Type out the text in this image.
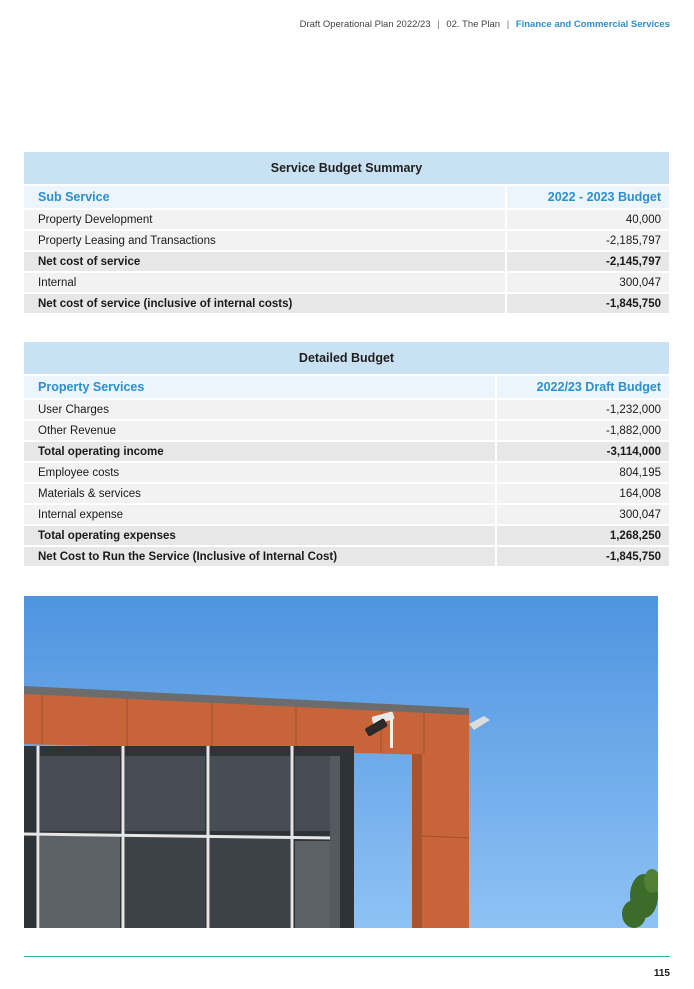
Draft Operational Plan 2022/23 | 02. The Plan | Finance and Commercial Services
Service Budget Summary	
Sub Service	2022 - 2023 Budget
Property Development	40,000
Property Leasing and Transactions	-2,185,797
Net cost of service	-2,145,797
Internal	300,047
Net cost of service (inclusive of internal costs)	-1,845,750
Detailed Budget	
Property Services	2022/23 Draft Budget
User Charges	-1,232,000
Other Revenue	-1,882,000
Total operating income	-3,114,000
Employee costs	804,195
Materials & services	164,008
Internal expense	300,047
Total operating expenses	1,268,250
Net Cost to Run the Service (Inclusive of Internal Cost)	-1,845,750
115
